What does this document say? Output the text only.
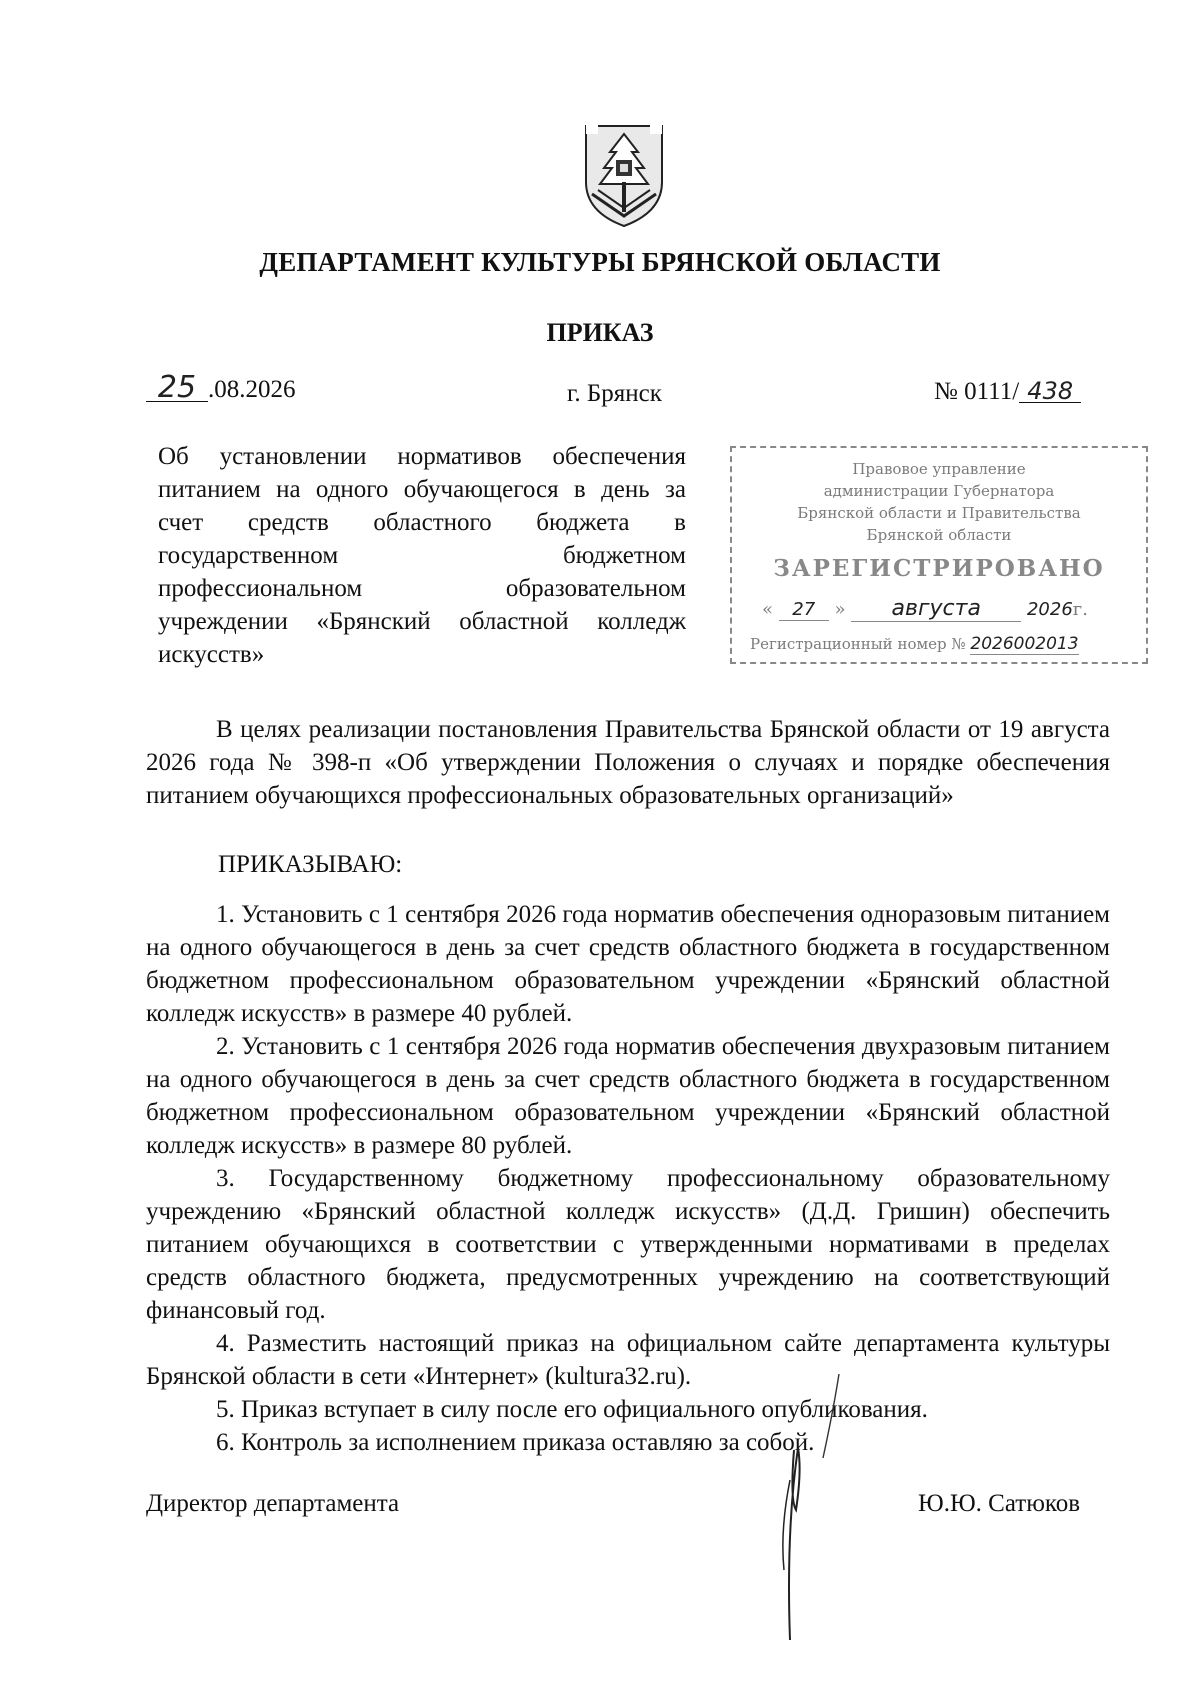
ДЕПАРТАМЕНТ КУЛЬТУРЫ БРЯНСКОЙ ОБЛАСТИ
ПРИКАЗ
25 .08.2026	г. Брянск	№ 0111/ 438
Об установлении нормативов обеспечения
питанием на одного обучающегося в день за
счет средств областного бюджета в
государственном бюджетном
профессиональном образовательном
учреждении «Брянский областной колледж
искусств»
Правовое управление
администрации Губернатора
Брянской области и Правительства
Брянской области
ЗАРЕГИСТРИРОВАНО
« 27 » августа	2026г.
Регистрационный номер № 2026002013
В целях реализации постановления Правительства Брянской области от 19 августа 2026 года № 398-п «Об утверждении Положения о случаях и порядке обеспечения питанием обучающихся профессиональных образовательных организаций»
ПРИКАЗЫВАЮ:
1. Установить с 1 сентября 2026 года норматив обеспечения одноразовым питанием на одного обучающегося в день за счет средств областного бюджета в государственном бюджетном профессиональном образовательном учреждении «Брянский областной колледж искусств» в размере 40 рублей.
2. Установить с 1 сентября 2026 года норматив обеспечения двухразовым питанием на одного обучающегося в день за счет средств областного бюджета в государственном бюджетном профессиональном образовательном учреждении «Брянский областной колледж искусств» в размере 80 рублей.
3. Государственному бюджетному профессиональному образовательному учреждению «Брянский областной колледж искусств» (Д.Д. Гришин) обеспечить питанием обучающихся в соответствии с утвержденными нормативами в пределах средств областного бюджета, предусмотренных учреждению на соответствующий финансовый год.
4. Разместить настоящий приказ на официальном сайте департамента культуры Брянской области в сети «Интернет» (kultura32.ru).
5. Приказ вступает в силу после его официального опубликования.
6. Контроль за исполнением приказа оставляю за собой.
Директор департамента	Ю.Ю. Сатюков
